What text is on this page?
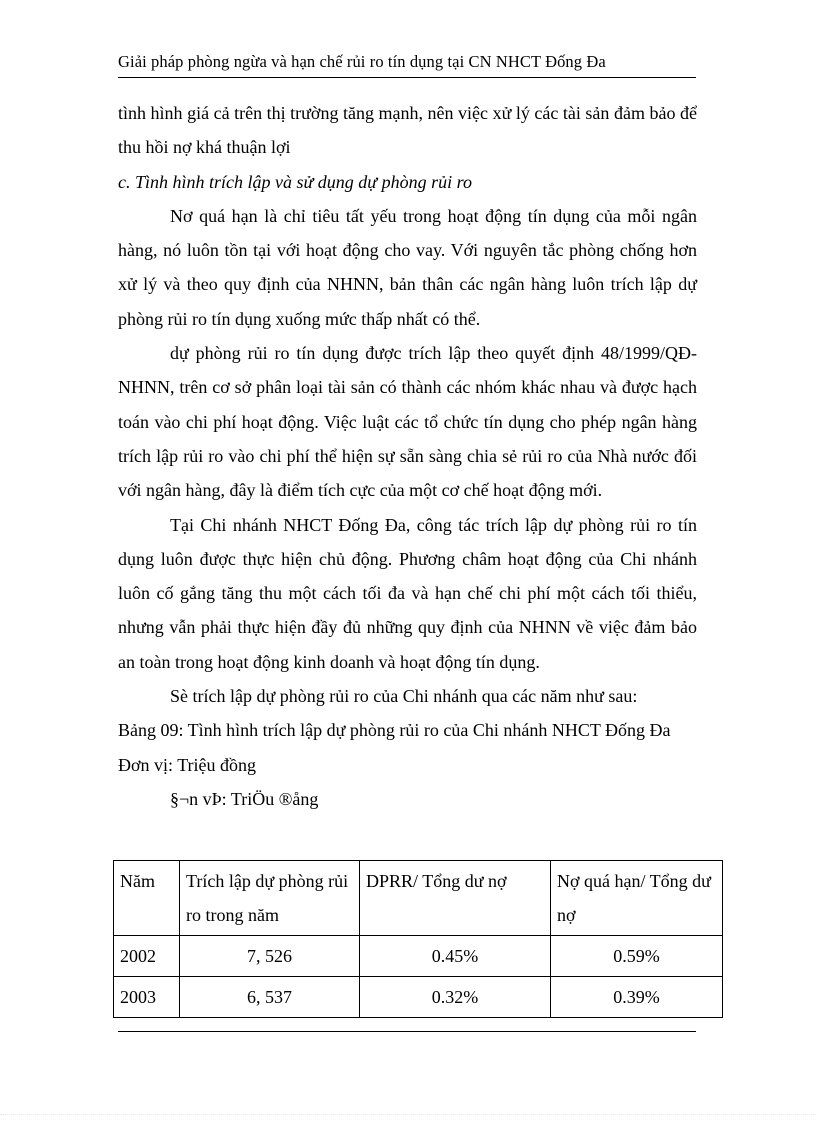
Giải pháp phòng ngừa và hạn chế rủi ro tín dụng tại CN NHCT Đống Đa

tình hình giá cả trên thị trường tăng mạnh, nên việc xử lý các tài sản đảm bảo để thu hồi nợ khá thuận lợi

c. Tình hình trích lập và sử dụng dự phòng rủi ro

Nơ quá hạn là chỉ tiêu tất yếu trong hoạt động tín dụng của mỗi ngân hàng, nó luôn tồn tại với hoạt động cho vay. Với nguyên tắc phòng chống hơn xử lý và theo quy định của NHNN, bản thân các ngân hàng luôn trích lập dự phòng rủi ro tín dụng xuống mức thấp nhất có thể.

dự phòng rủi ro tín dụng được trích lập theo quyết định 48/1999/QĐ-NHNN, trên cơ sở phân loại tài sản có thành các nhóm khác nhau và được hạch toán vào chi phí hoạt động. Việc luật các tổ chức tín dụng cho phép ngân hàng trích lập rủi ro vào chi phí thể hiện sự sẵn sàng chia sẻ rủi ro của Nhà nước đối với ngân hàng, đây là điểm tích cực của một cơ chế hoạt động mới.

Tại Chi nhánh NHCT Đống Đa, công tác trích lập dự phòng rủi ro tín dụng luôn được thực hiện chủ động. Phương châm hoạt động của Chi nhánh luôn cố gắng tăng thu một cách tối đa và hạn chế chi phí một cách tối thiểu, nhưng vẫn phải thực hiện đầy đủ những quy định của NHNN về việc đảm bảo an toàn trong hoạt động kinh doanh và hoạt động tín dụng.

Sè trích lập dự phòng rủi ro của Chi nhánh qua các năm như sau:

Bảng 09: Tình hình trích lập dự phòng rủi ro của Chi nhánh NHCT Đống Đa

Đơn vị: Triệu đồng

§¬n vÞ: TriÖu ®ång

Năm	Trích lập dự phòng rủi ro trong năm	DPRR/ Tổng dư nợ	Nợ quá hạn/ Tổng dư nợ
2002	7, 526	0.45%	0.59%
2003	6, 537	0.32%	0.39%
